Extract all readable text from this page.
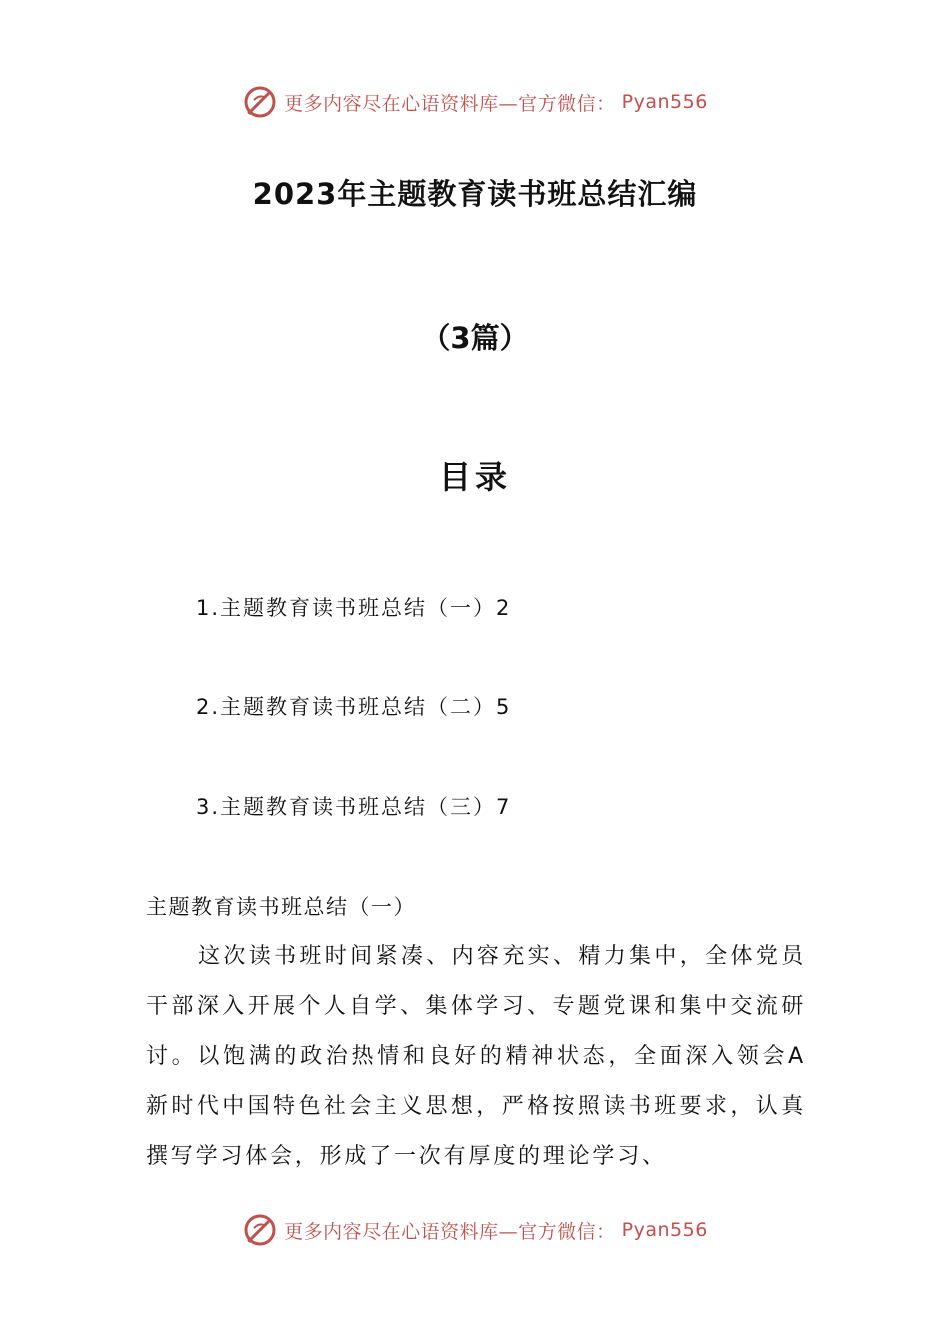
更多内容尽在心语资料库—官方微信： Pyan556
2023年主题教育读书班总结汇编
（3篇）
目录
1.主题教育读书班总结（一）2
2.主题教育读书班总结（二）5
3.主题教育读书班总结（三）7
主题教育读书班总结（一）

这次读书班时间紧凑、内容充实、精力集中，全体党员干部深入开展个人自学、集体学习、专题党课和集中交流研讨。以饱满的政治热情和良好的精神状态，全面深入领会A新时代中国特色社会主义思想，严格按照读书班要求，认真撰写学习体会，形成了一次有厚度的理论学习、

更多内容尽在心语资料库—官方微信： Pyan556
